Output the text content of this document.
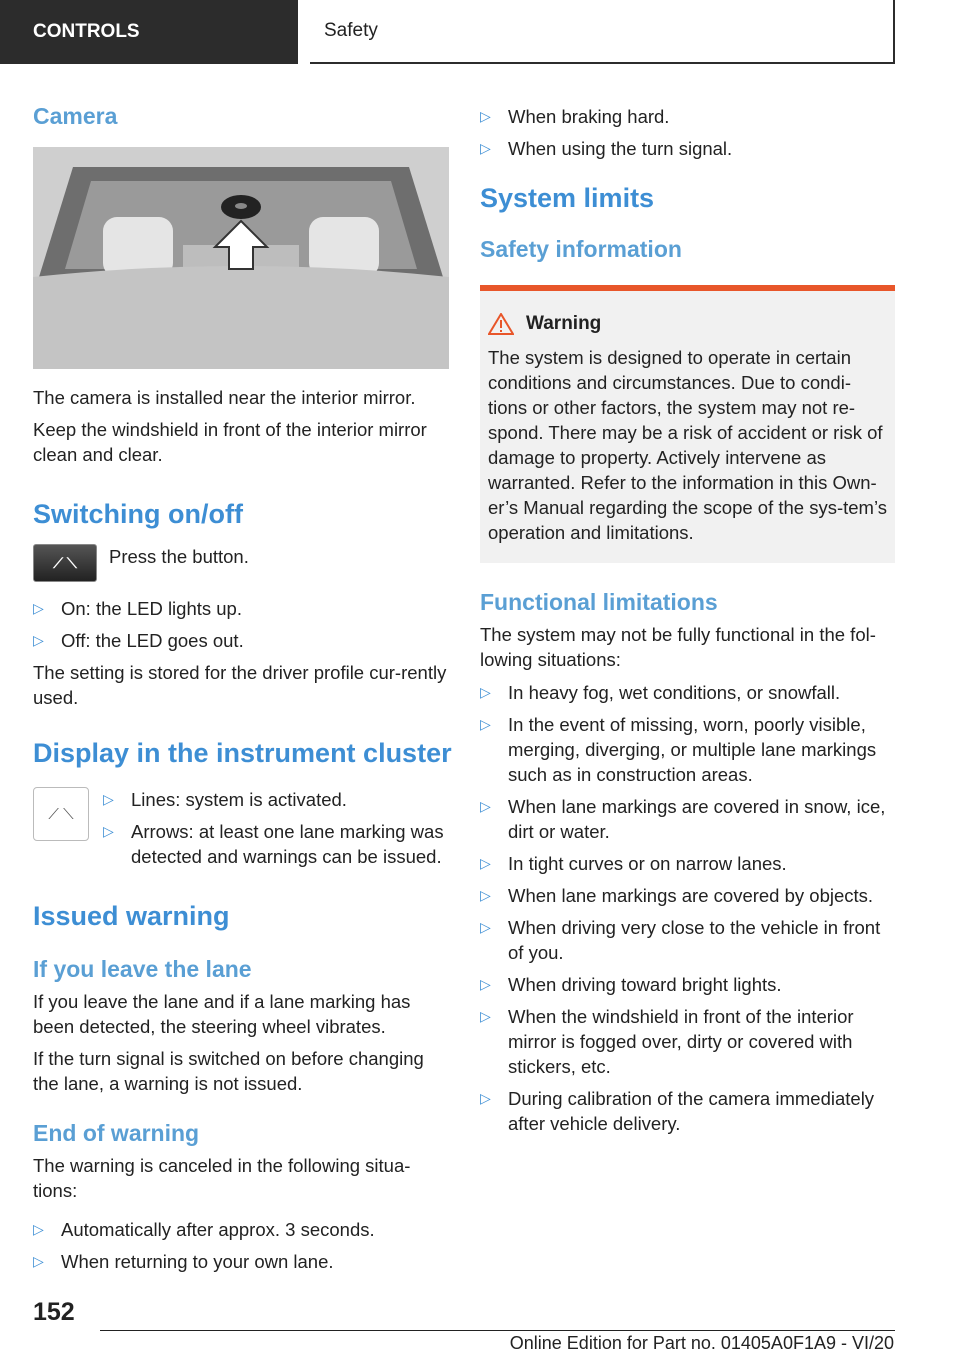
CONTROLS	Safety
Camera

The camera is installed near the interior mirror.

Keep the windshield in front of the interior mirror clean and clear.

Switching on/off
⟋ ⟍	Press the button.

▷ On: the LED lights up.
▷ Off: the LED goes out.

The setting is stored for the driver profile cur-rently used.

Display in the instrument cluster
⟋ ⟍
▷ Lines: system is activated.
▷ Arrows: at least one lane marking was detected and warnings can be issued.
Issued warning
If you leave the lane

If you leave the lane and if a lane marking has been detected, the steering wheel vibrates.

If the turn signal is switched on before changing the lane, a warning is not issued.

End of warning

The warning is canceled in the following situa-tions:

▷ Automatically after approx. 3 seconds.
▷ When returning to your own lane.
▷ When braking hard.
▷ When using the turn signal.
System limits
Safety information
Warning

The system is designed to operate in certain conditions and circumstances. Due to condi-tions or other factors, the system may not re-spond. There may be a risk of accident or risk of damage to property. Actively intervene as warranted. Refer to the information in this Own-er’s Manual regarding the scope of the sys-tem’s operation and limitations.

Functional limitations

The system may not be fully functional in the fol-lowing situations:

▷ In heavy fog, wet conditions, or snowfall.
▷ In the event of missing, worn, poorly visible, merging, diverging, or multiple lane markings such as in construction areas.
▷ When lane markings are covered in snow, ice, dirt or water.
▷ In tight curves or on narrow lanes.
▷ When lane markings are covered by objects.
▷ When driving very close to the vehicle in front of you.
▷ When driving toward bright lights.
▷ When the windshield in front of the interior mirror is fogged over, dirty or covered with stickers, etc.
▷ During calibration of the camera immediately after vehicle delivery.
152
Online Edition for Part no. 01405A0F1A9 - VI/20
